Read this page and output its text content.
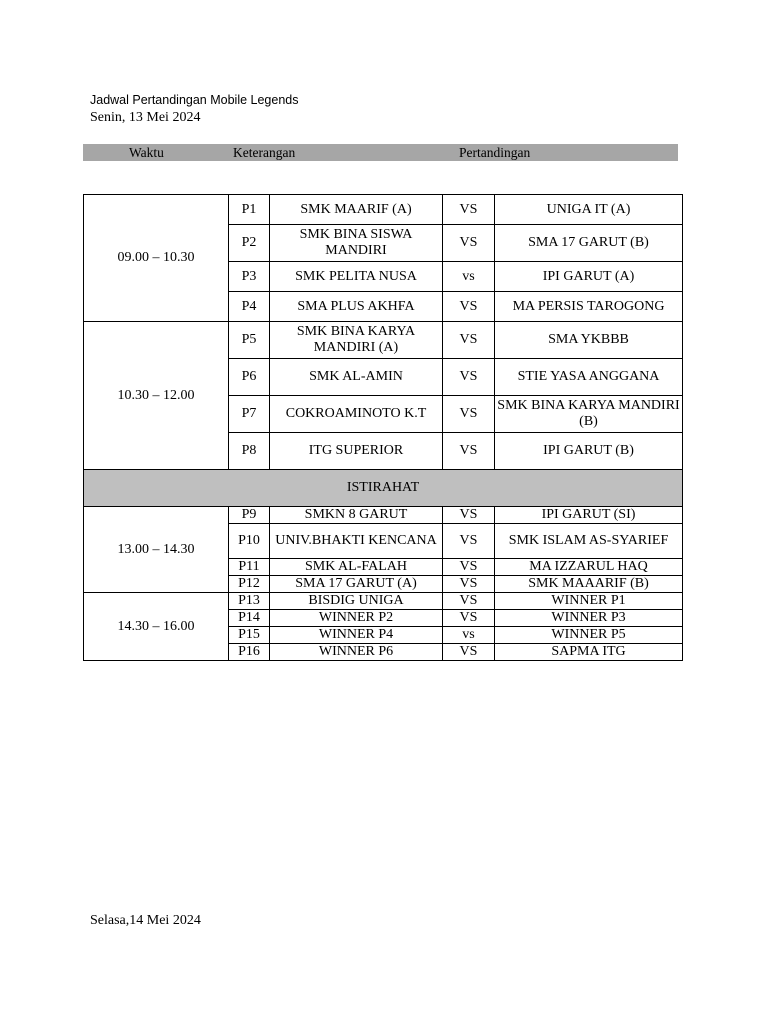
Jadwal Pertandingan Mobile Legends
Senin, 13 Mei 2024
Waktu	Keterangan	Pertandingan
09.00 – 10.30	P1	SMK MAARIF (A)	VS	UNIGA IT (A)
	P2	SMK BINA SISWA MANDIRI	VS	SMA 17 GARUT (B)
	P3	SMK PELITA NUSA	vs	IPI GARUT (A)
	P4	SMA PLUS AKHFA	VS	MA PERSIS TAROGONG
10.30 – 12.00	P5	SMK BINA KARYA MANDIRI (A)	VS	SMA YKBBB
	P6	SMK AL-AMIN	VS	STIE YASA ANGGANA
	P7	COKROAMINOTO K.T	VS	SMK BINA KARYA MANDIRI (B)
	P8	ITG SUPERIOR	VS	IPI GARUT (B)
ISTIRAHAT				
13.00 – 14.30	P9	SMKN 8 GARUT	VS	IPI GARUT (SI)
	P10	UNIV.BHAKTI KENCANA	VS	SMK ISLAM AS-SYARIEF
	P11	SMK AL-FALAH	VS	MA IZZARUL HAQ
	P12	SMA 17 GARUT (A)	VS	SMK MAAARIF (B)
14.30 – 16.00	P13	BISDIG UNIGA	VS	WINNER P1
	P14	WINNER P2	VS	WINNER P3
	P15	WINNER P4	vs	WINNER P5
	P16	WINNER P6	VS	SAPMA ITG
Selasa,14 Mei 2024
